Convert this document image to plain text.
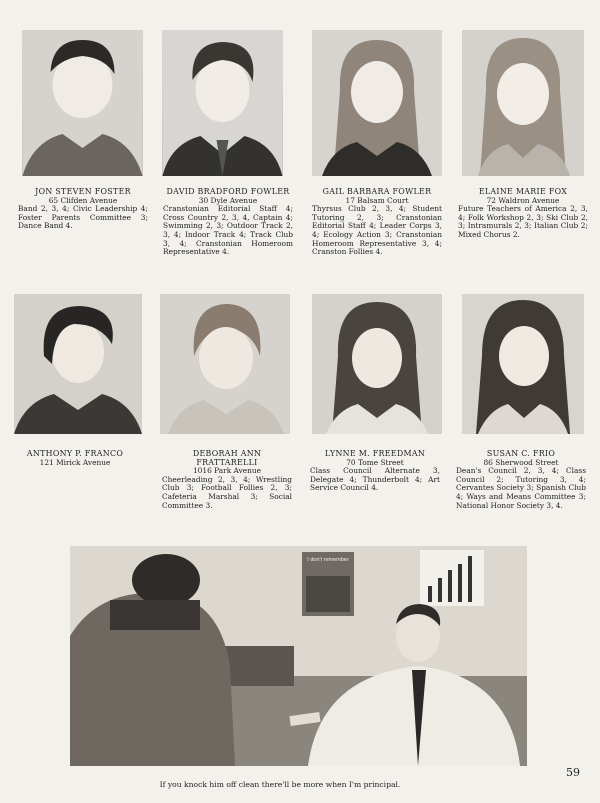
JON STEVEN FOSTER
65 Clifden Avenue
Band 2, 3, 4; Civic Leadership 4; Foster Parents Committee 3; Dance Band 4.
DAVID BRADFORD FOWLER
30 Dyle Avenue
Cranstonian Editorial Staff 4; Cross Country 2, 3, 4, Captain 4; Swimming 2, 3; Outdoor Track 2, 3, 4; Indoor Track 4; Track Club 3, 4; Cranstonian Homeroom Representative 4.
GAIL BARBARA FOWLER
17 Balsam Court
Thyrsus Club 2, 3, 4; Student Tutoring 2, 3; Cranstonian Editorial Staff 4; Leader Corps 3, 4; Ecology Action 3; Cranstonian Homeroom Representative 3, 4; Cranston Follies 4.
ELAINE MARIE FOX
72 Waldron Avenue
Future Teachers of America 2, 3, 4; Folk Workshop 2, 3; Ski Club 2, 3; Intramurals 2, 3; Italian Club 2; Mixed Chorus 2.
ANTHONY P. FRANCO
121 Mirick Avenue
DEBORAH ANN FRATTARELLI
1016 Park Avenue
Cheerleading 2, 3, 4; Wrestling Club 3; Football Follies 2, 3; Cafeteria Marshal 3; Social Committee 3.
LYNNE M. FREEDMAN
70 Tome Street
Class Council Alternate 3, Delegate 4; Thunderbolt 4; Art Service Council 4.
SUSAN C. FRIO
86 Sherwood Street
Dean's Council 2, 3, 4; Class Council 2; Tutoring 3, 4; Cervantes Society 3; Spanish Club 4; Ways and Means Committee 3; National Honor Society 3, 4.
I don't remember
If you knock him off clean there'll be more when I'm principal.
59
